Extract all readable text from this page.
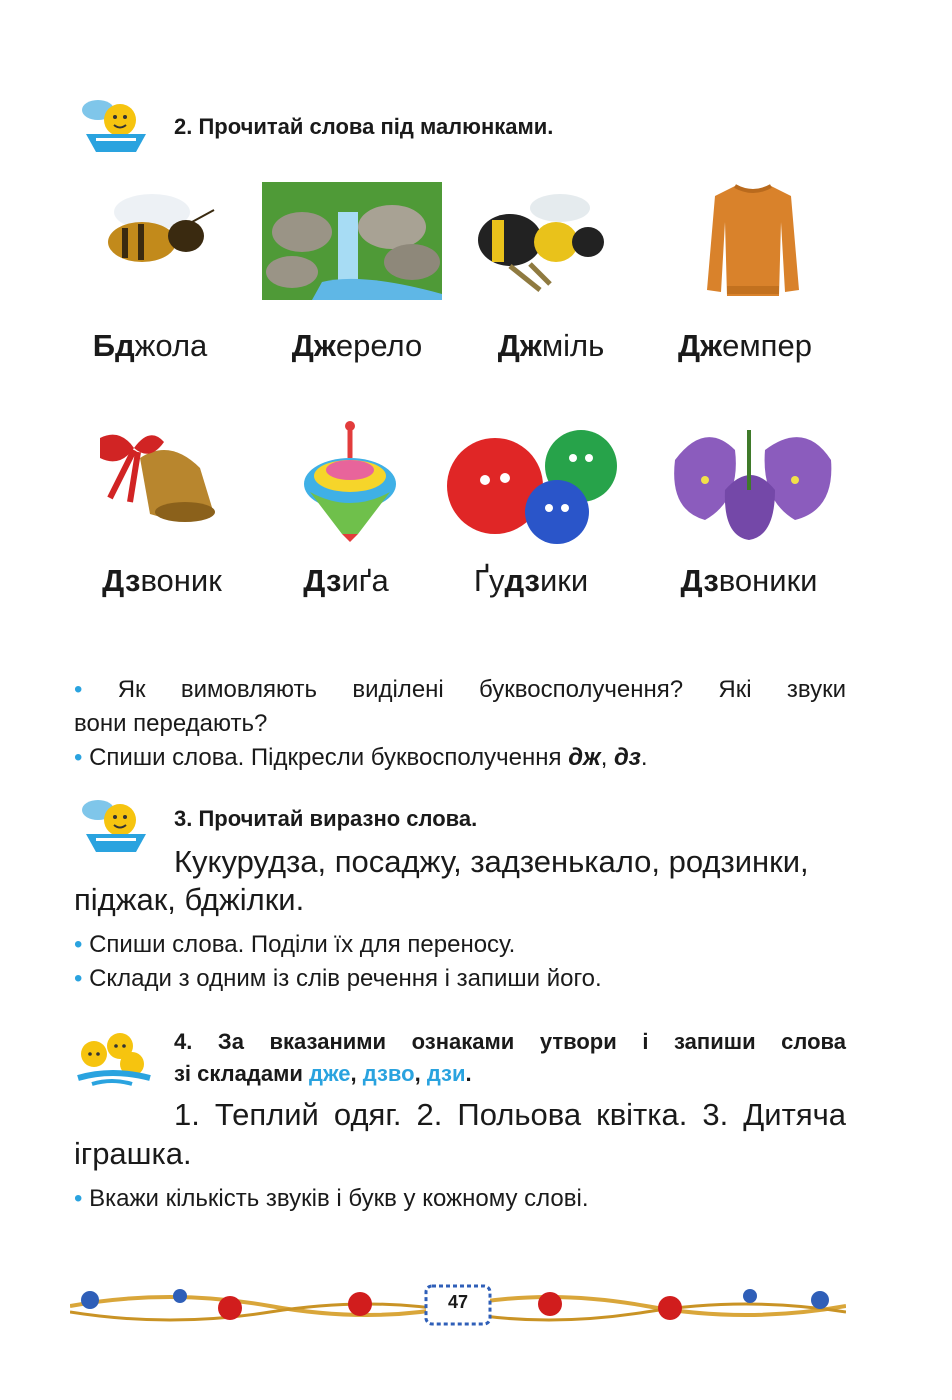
2. Прочитай слова під малюнками.
Бджола	Джерело	Джміль	Джемпер
Дзвоник	Дзиґа	Ґудзики	Дзвоники
• Як вимовляють виділені буквосполучення? Які звуки
вони передають?
• Спиши слова. Підкресли буквосполучення дж, дз.
3. Прочитай виразно слова.
Кукурудза, посаджу, задзенькало, родзинки,
піджак, бджілки.
• Спиши слова. Поділи їх для переносу.
• Склади з одним із слів речення і запиши його.
4. За вказаними ознаками утвори і запиши слова
зі складами дже, дзво, дзи.
1. Теплий одяг. 2. Польова квітка. 3. Дитяча
іграшка.
• Вкажи кількість звуків і букв у кожному слові.
47
